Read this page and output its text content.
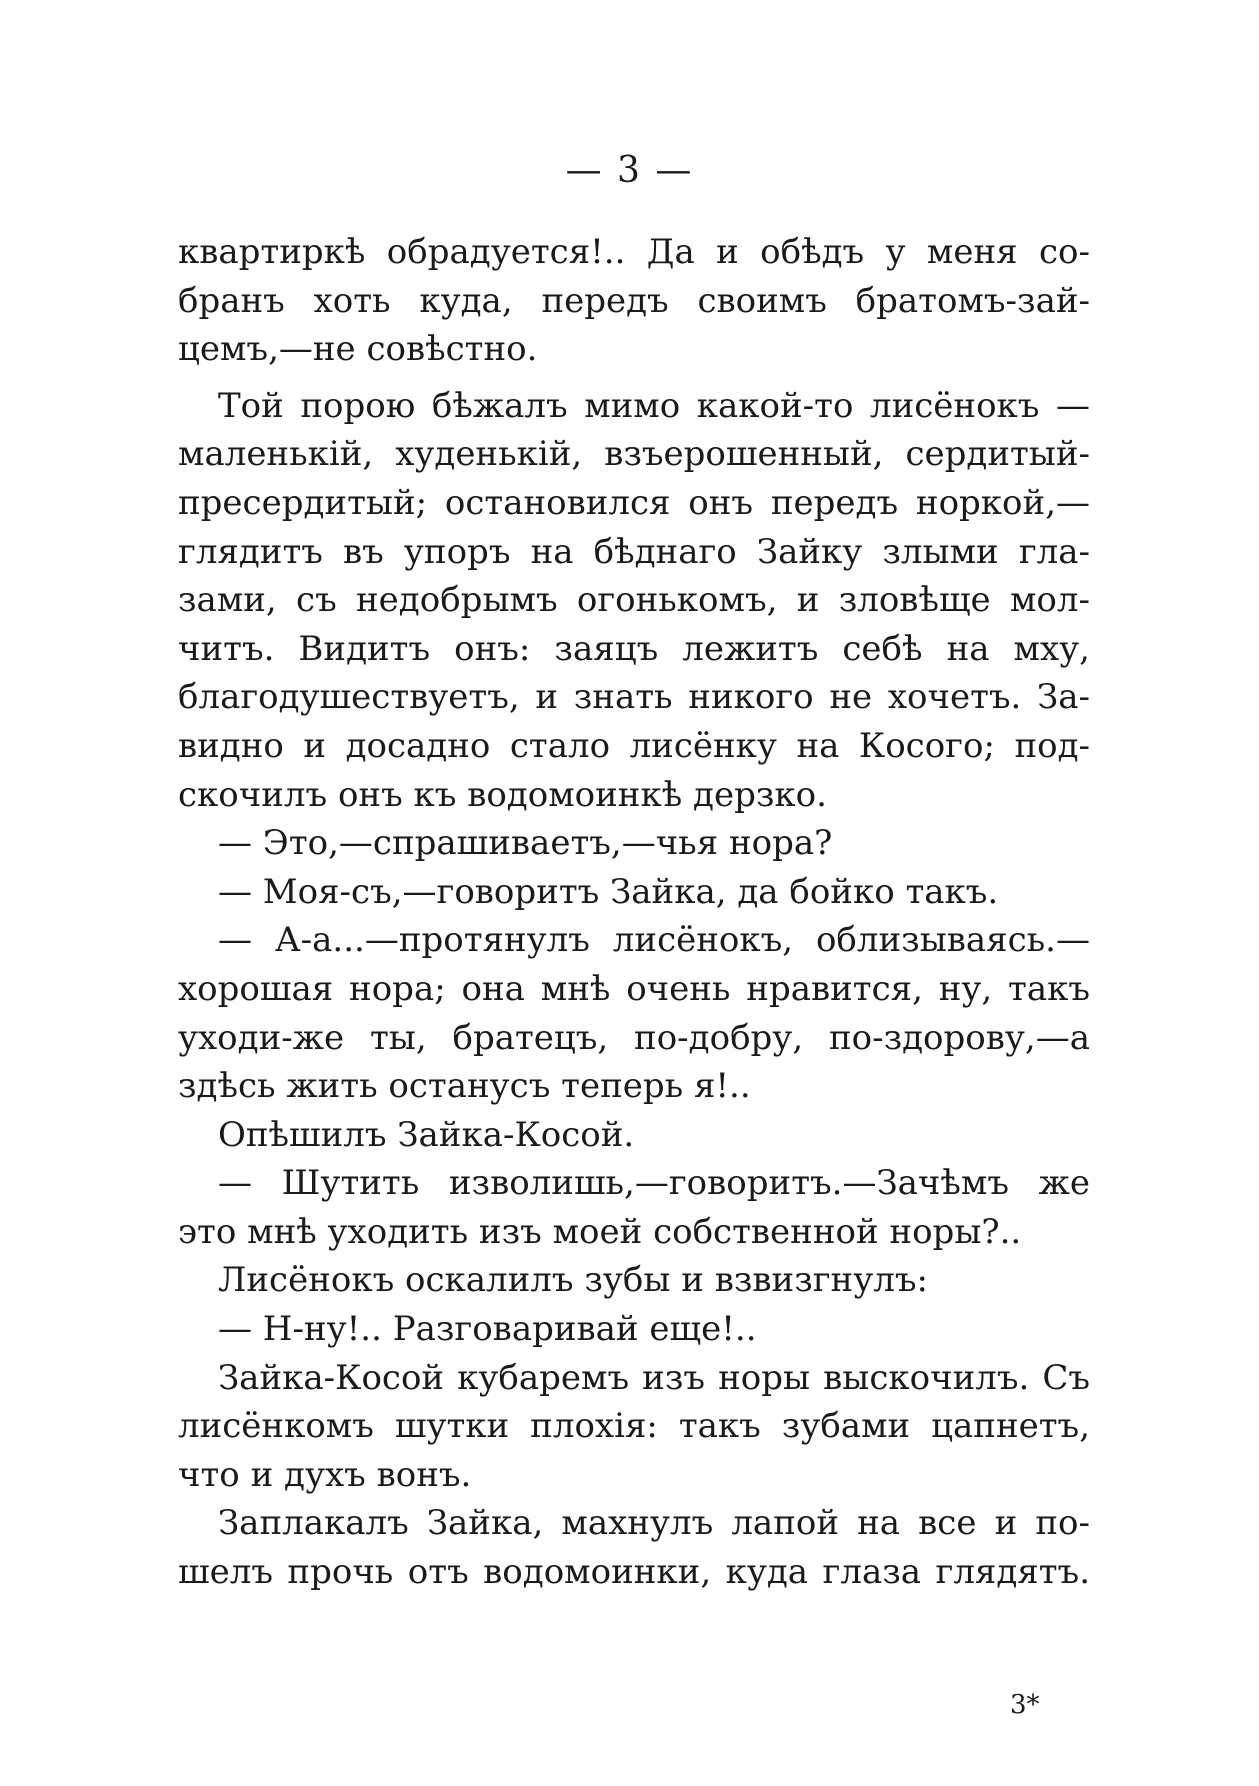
— 3 —
квартиркѣ обрадуется!.. Да и обѣдъ у меня со-
бранъ хоть куда, передъ своимъ братомъ-зай-
цемъ,—не совѣстно.
Той порою бѣжалъ мимо какой-то лисёнокъ —
маленькій, худенькій, взъерошенный, сердитый-
пресердитый; остановился онъ передъ норкой,—
глядитъ въ упоръ на бѣднаго Зайку злыми гла-
зами, съ недобрымъ огонькомъ, и зловѣще мол-
читъ. Видитъ онъ: заяцъ лежитъ себѣ на мху,
благодушествуетъ, и знать никого не хочетъ. За-
видно и досадно стало лисёнку на Косого; под-
скочилъ онъ къ водомоинкѣ дерзко.
— Это,—спрашиваетъ,—чья нора?
— Моя-съ,—говоритъ Зайка, да бойко такъ.
— А-а...—протянулъ лисёнокъ, облизываясь.—
хорошая нора; она мнѣ очень нравится, ну, такъ
уходи-же ты, братецъ, по-добру, по-здорову,—а
здѣсь жить останусъ теперь я!..
Опѣшилъ Зайка-Косой.
— Шутить изволишь,—говоритъ.—Зачѣмъ же
это мнѣ уходить изъ моей собственной норы?..
Лисёнокъ оскалилъ зубы и взвизгнулъ:
— Н-ну!.. Разговаривай еще!..
Зайка-Косой кубаремъ изъ норы выскочилъ. Съ
лисёнкомъ шутки плохія: такъ зубами цапнетъ,
что и духъ вонъ.
Заплакалъ Зайка, махнулъ лапой на все и по-
шелъ прочь отъ водомоинки, куда глаза глядятъ.
3*
